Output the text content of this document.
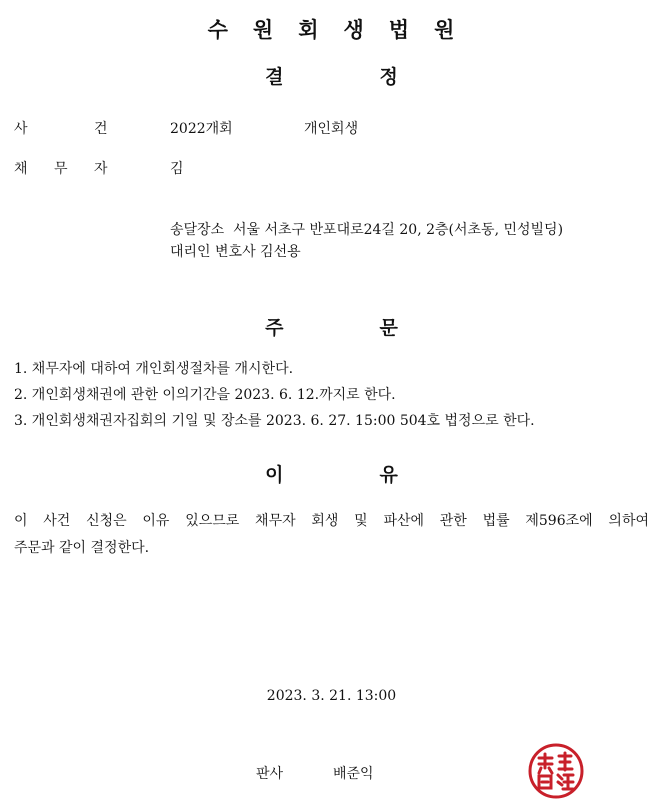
수 원 회 생 법 원
결	정
사	건	2022개회	개인회생
채 무 자	김
송달장소  서울 서초구 반포대로24길 20, 2층(서초동, 민성빌딩)
대리인 변호사 김선용
주	문
1. 채무자에 대하여 개인회생절차를 개시한다.
2. 개인회생채권에 관한 이의기간을 2023. 6. 12.까지로 한다.
3. 개인회생채권자집회의 기일 및 장소를 2023. 6. 27. 15:00 504호 법정으로 한다.
이	유
이 사건 신청은 이유 있으므로 채무자 회생 및 파산에 관한 법률 제596조에 의하여
주문과 같이 결정한다.
2023. 3. 21. 13:00
판사	배준익
